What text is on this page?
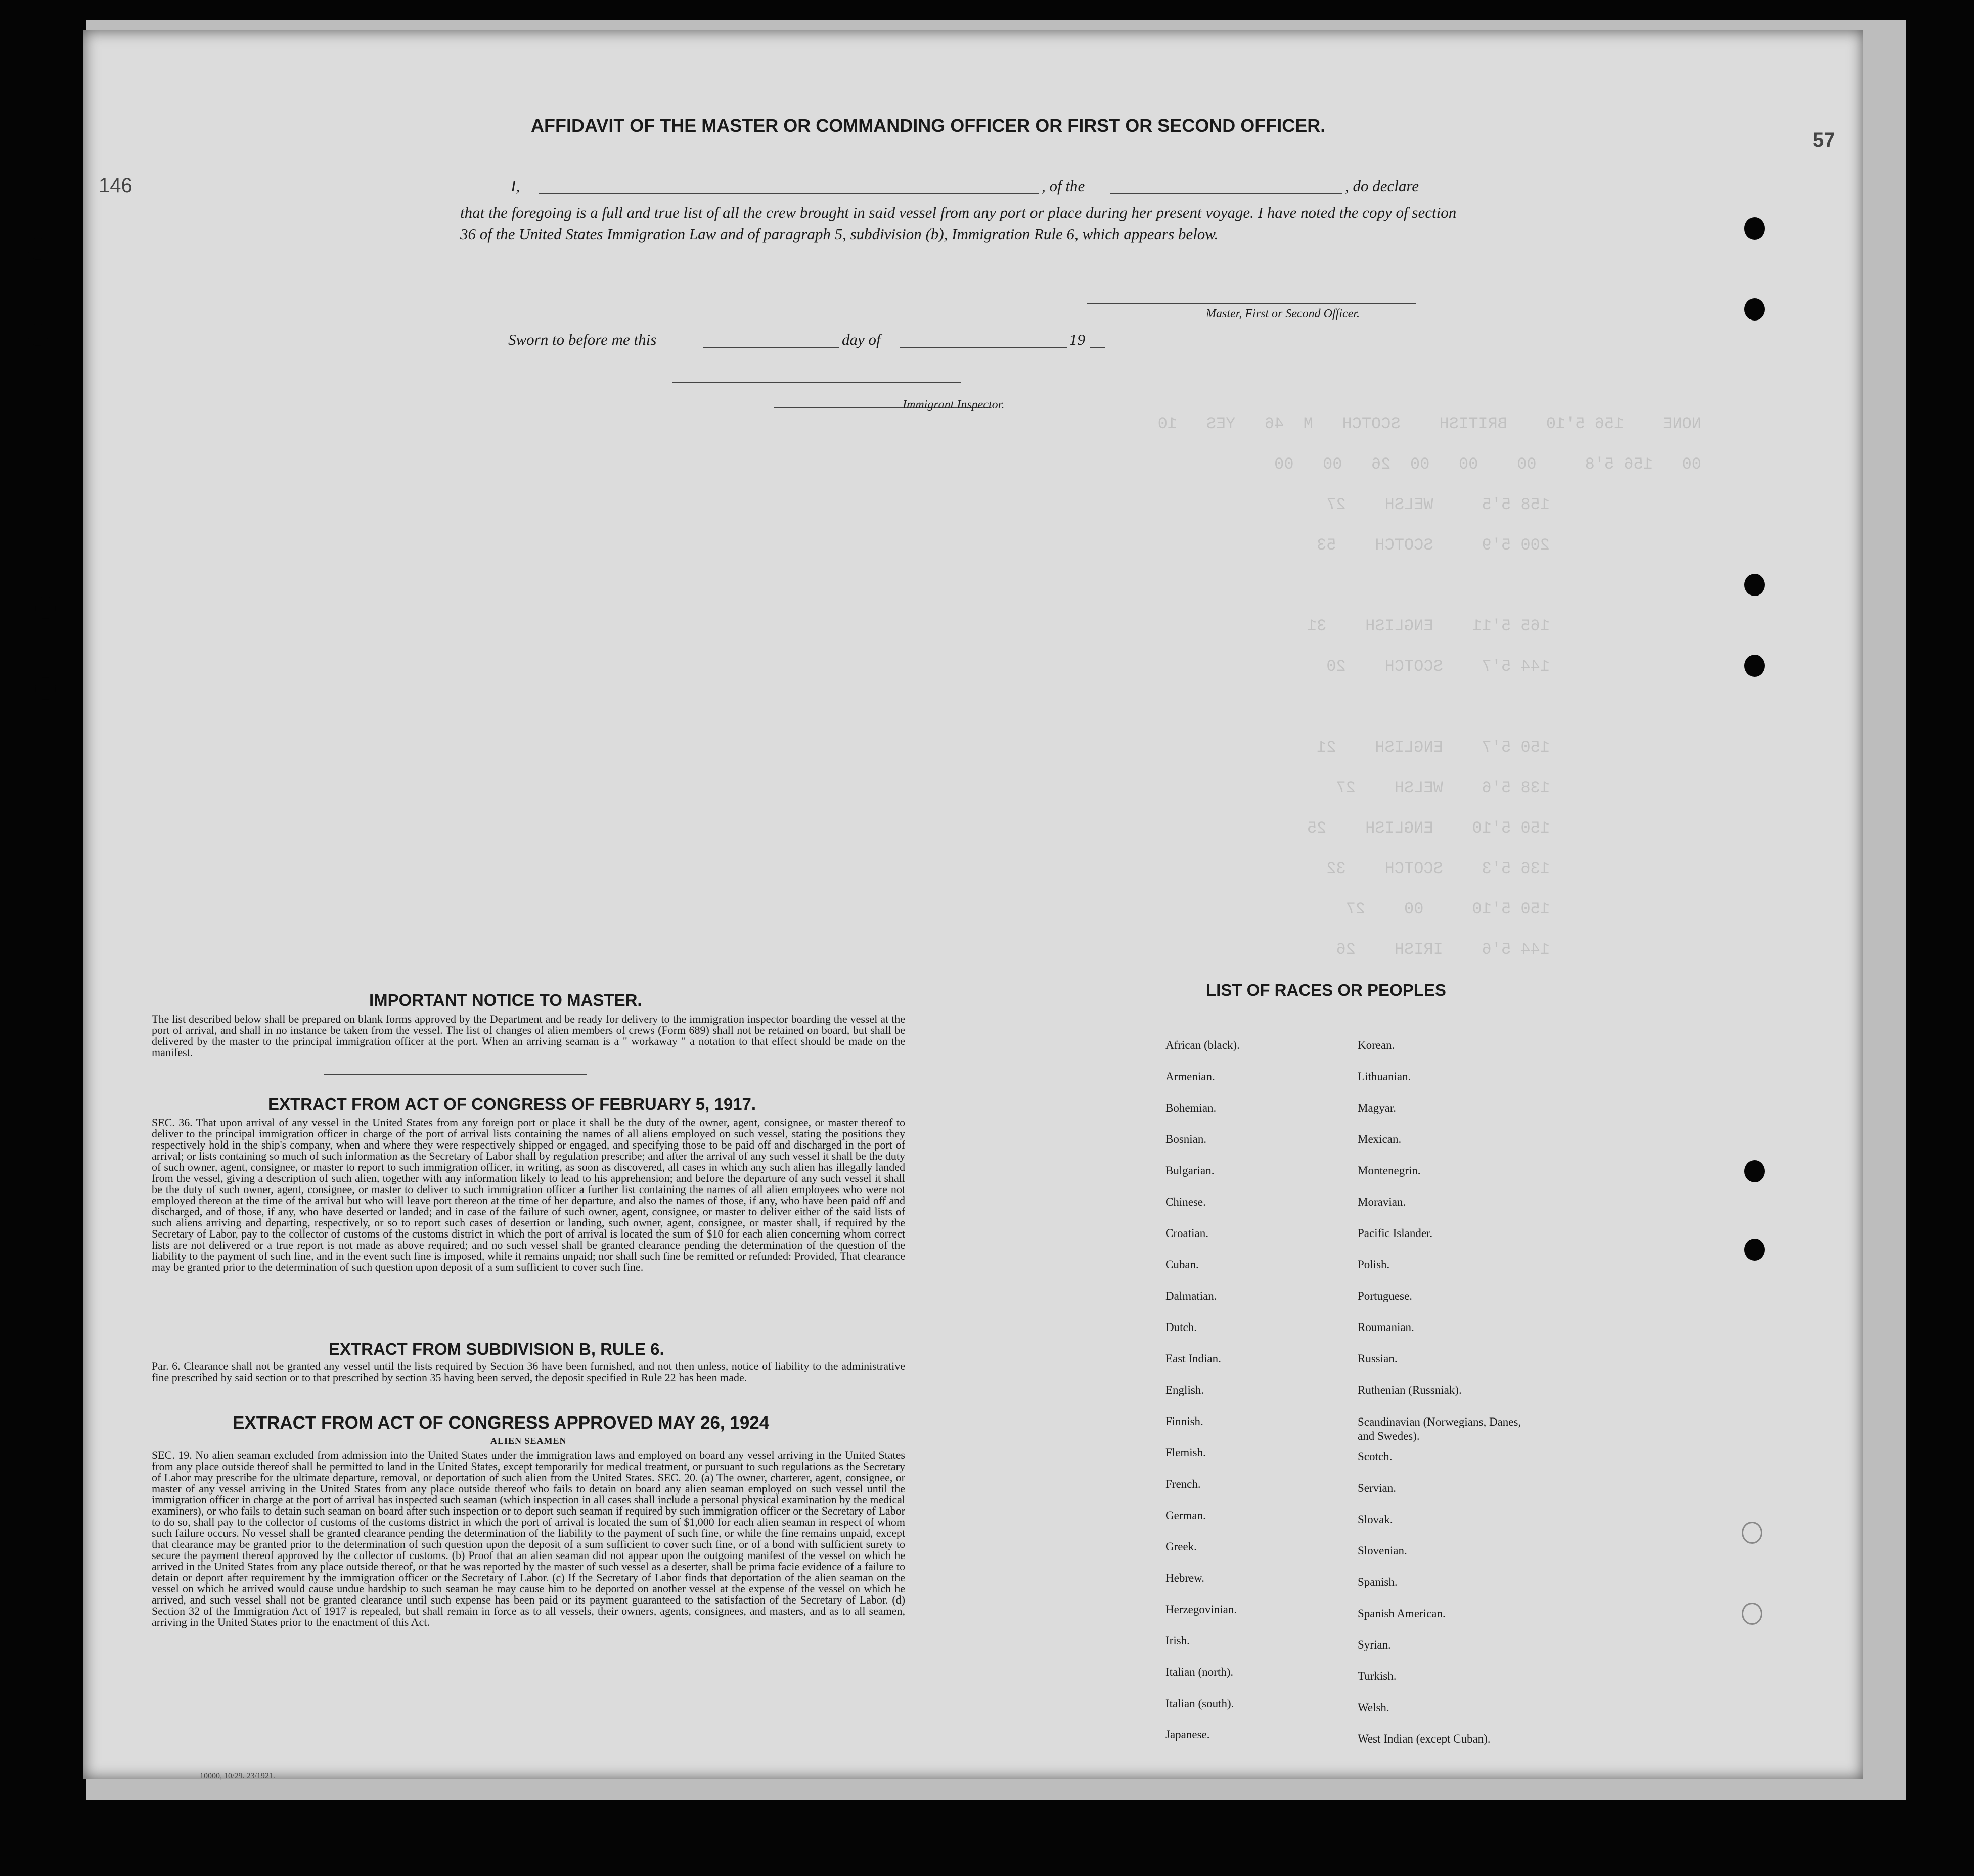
NONE    156 5'10    BRITISH    SCOTCH   M  46   YES   10
00   156 5'8     00    00   00  26   00   00
158 5'5     WELSH    27
200 5'9     SCOTCH    53
165 5'11    ENGLISH    31
144 5'7    SCOTCH    20
150 5'7    ENGLISH    21
138 5'6    WELSH    27
150 5'10    ENGLISH    25
136 5'3    SCOTCH    32
150 5'10     00    27
144 5'6    IRISH    26
146
57
AFFIDAVIT OF THE MASTER OR COMMANDING OFFICER OR FIRST OR SECOND OFFICER.
I,	, of the	, do declare
that the foregoing is a full and true list of all the crew brought in said vessel from any port or place during her present voyage. I have noted the copy of section 36 of the United States Immigration Law and of paragraph 5, subdivision (b), Immigration Rule 6, which appears below.
Master, First or Second Officer.
Sworn to before me this	day of	19
Immigrant Inspector.
IMPORTANT NOTICE TO MASTER.
The list described below shall be prepared on blank forms approved by the Department and be ready for delivery to the immigration inspector boarding the vessel at the port of arrival, and shall in no instance be taken from the vessel. The list of changes of alien members of crews (Form 689) shall not be retained on board, but shall be delivered by the master to the principal immigration officer at the port. When an arriving seaman is a " workaway " a notation to that effect should be made on the manifest.
EXTRACT FROM ACT OF CONGRESS OF FEBRUARY 5, 1917.
SEC. 36. That upon arrival of any vessel in the United States from any foreign port or place it shall be the duty of the owner, agent, consignee, or master thereof to deliver to the principal immigration officer in charge of the port of arrival lists containing the names of all aliens employed on such vessel, stating the positions they respectively hold in the ship's company, when and where they were respectively shipped or engaged, and specifying those to be paid off and discharged in the port of arrival; or lists containing so much of such information as the Secretary of Labor shall by regulation prescribe; and after the arrival of any such vessel it shall be the duty of such owner, agent, consignee, or master to report to such immigration officer, in writing, as soon as discovered, all cases in which any such alien has illegally landed from the vessel, giving a description of such alien, together with any information likely to lead to his apprehension; and before the departure of any such vessel it shall be the duty of such owner, agent, consignee, or master to deliver to such immigration officer a further list containing the names of all alien employees who were not employed thereon at the time of the arrival but who will leave port thereon at the time of her departure, and also the names of those, if any, who have been paid off and discharged, and of those, if any, who have deserted or landed; and in case of the failure of such owner, agent, consignee, or master to deliver either of the said lists of such aliens arriving and departing, respectively, or so to report such cases of desertion or landing, such owner, agent, consignee, or master shall, if required by the Secretary of Labor, pay to the collector of customs of the customs district in which the port of arrival is located the sum of $10 for each alien concerning whom correct lists are not delivered or a true report is not made as above required; and no such vessel shall be granted clearance pending the determination of the question of the liability to the payment of such fine, and in the event such fine is imposed, while it remains unpaid; nor shall such fine be remitted or refunded: Provided, That clearance may be granted prior to the determination of such question upon deposit of a sum sufficient to cover such fine.
EXTRACT FROM SUBDIVISION B, RULE 6.
Par. 6. Clearance shall not be granted any vessel until the lists required by Section 36 have been furnished, and not then unless, notice of liability to the administrative fine prescribed by said section or to that prescribed by section 35 having been served, the deposit specified in Rule 22 has been made.
EXTRACT FROM ACT OF CONGRESS APPROVED MAY 26, 1924
ALIEN SEAMEN
SEC. 19. No alien seaman excluded from admission into the United States under the immigration laws and employed on board any vessel arriving in the United States from any place outside thereof shall be permitted to land in the United States, except temporarily for medical treatment, or pursuant to such regulations as the Secretary of Labor may prescribe for the ultimate departure, removal, or deportation of such alien from the United States. SEC. 20. (a) The owner, charterer, agent, consignee, or master of any vessel arriving in the United States from any place outside thereof who fails to detain on board any alien seaman employed on such vessel until the immigration officer in charge at the port of arrival has inspected such seaman (which inspection in all cases shall include a personal physical examination by the medical examiners), or who fails to detain such seaman on board after such inspection or to deport such seaman if required by such immigration officer or the Secretary of Labor to do so, shall pay to the collector of customs of the customs district in which the port of arrival is located the sum of $1,000 for each alien seaman in respect of whom such failure occurs. No vessel shall be granted clearance pending the determination of the liability to the payment of such fine, or while the fine remains unpaid, except that clearance may be granted prior to the determination of such question upon the deposit of a sum sufficient to cover such fine, or of a bond with sufficient surety to secure the payment thereof approved by the collector of customs. (b) Proof that an alien seaman did not appear upon the outgoing manifest of the vessel on which he arrived in the United States from any place outside thereof, or that he was reported by the master of such vessel as a deserter, shall be prima facie evidence of a failure to detain or deport after requirement by the immigration officer or the Secretary of Labor. (c) If the Secretary of Labor finds that deportation of the alien seaman on the vessel on which he arrived would cause undue hardship to such seaman he may cause him to be deported on another vessel at the expense of the vessel on which he arrived, and such vessel shall not be granted clearance until such expense has been paid or its payment guaranteed to the satisfaction of the Secretary of Labor. (d) Section 32 of the Immigration Act of 1917 is repealed, but shall remain in force as to all vessels, their owners, agents, consignees, and masters, and as to all seamen, arriving in the United States prior to the enactment of this Act.
LIST OF RACES OR PEOPLES
African (black).
Armenian.
Bohemian.
Bosnian.
Bulgarian.
Chinese.
Croatian.
Cuban.
Dalmatian.
Dutch.
East Indian.
English.
Finnish.
Flemish.
French.
German.
Greek.
Hebrew.
Herzegovinian.
Irish.
Italian (north).
Italian (south).
Japanese.
Korean.
Lithuanian.
Magyar.
Mexican.
Montenegrin.
Moravian.
Pacific Islander.
Polish.
Portuguese.
Roumanian.
Russian.
Ruthenian (Russniak).
Scandinavian (Norwegians, Danes, and Swedes).
Scotch.
Servian.
Slovak.
Slovenian.
Spanish.
Spanish American.
Syrian.
Turkish.
Welsh.
West Indian (except Cuban).
10000, 10/29. 23/1921.
